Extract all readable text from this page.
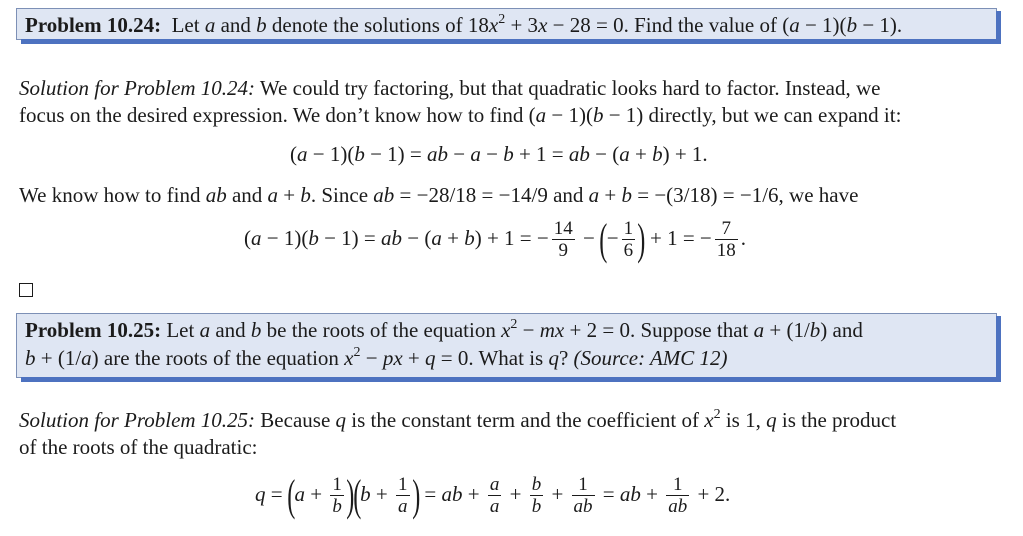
Problem 10.24: Let a and b denote the solutions of $18x^2 + 3x - 28 = 0$. Find the value of (a − 1)(b − 1).
Solution for Problem 10.24: We could try factoring, but that quadratic looks hard to factor. Instead, we
focus on the desired expression. We don’t know how to find (a − 1)(b − 1) directly, but we can expand it:
(a − 1)(b − 1) = ab − a − b + 1 = ab − (a + b) + 1.
We know how to find ab and a + b. Since ab = −28/18 = −14/9 and a + b = −(3/18) = −1/6, we have
(a − 1)(b − 1) = ab − (a + b) + 1 = − $\frac{14}{9}$ − (− $\frac{1}{6}$ ) + 1 = − $\frac{7}{18}$ .
Problem 10.25: Let a and b be the roots of the equation $x^2$ − mx + 2 = 0. Suppose that a + (1/b) and
b + (1/a) are the roots of the equation $x^2$ − px + q = 0. What is q? (Source: AMC 12)
Solution for Problem 10.25: Because q is the constant term and the coefficient of $x^2$ is 1, q is the product
of the roots of the quadratic:
$q = (a + \frac{1}{b} )(b + \frac{1}{a}$ ) = ab + $\frac{a}{a} + \frac{b}{b} + \frac{1}{ab}$ = ab + $\frac{1}{ab} + 2$.
